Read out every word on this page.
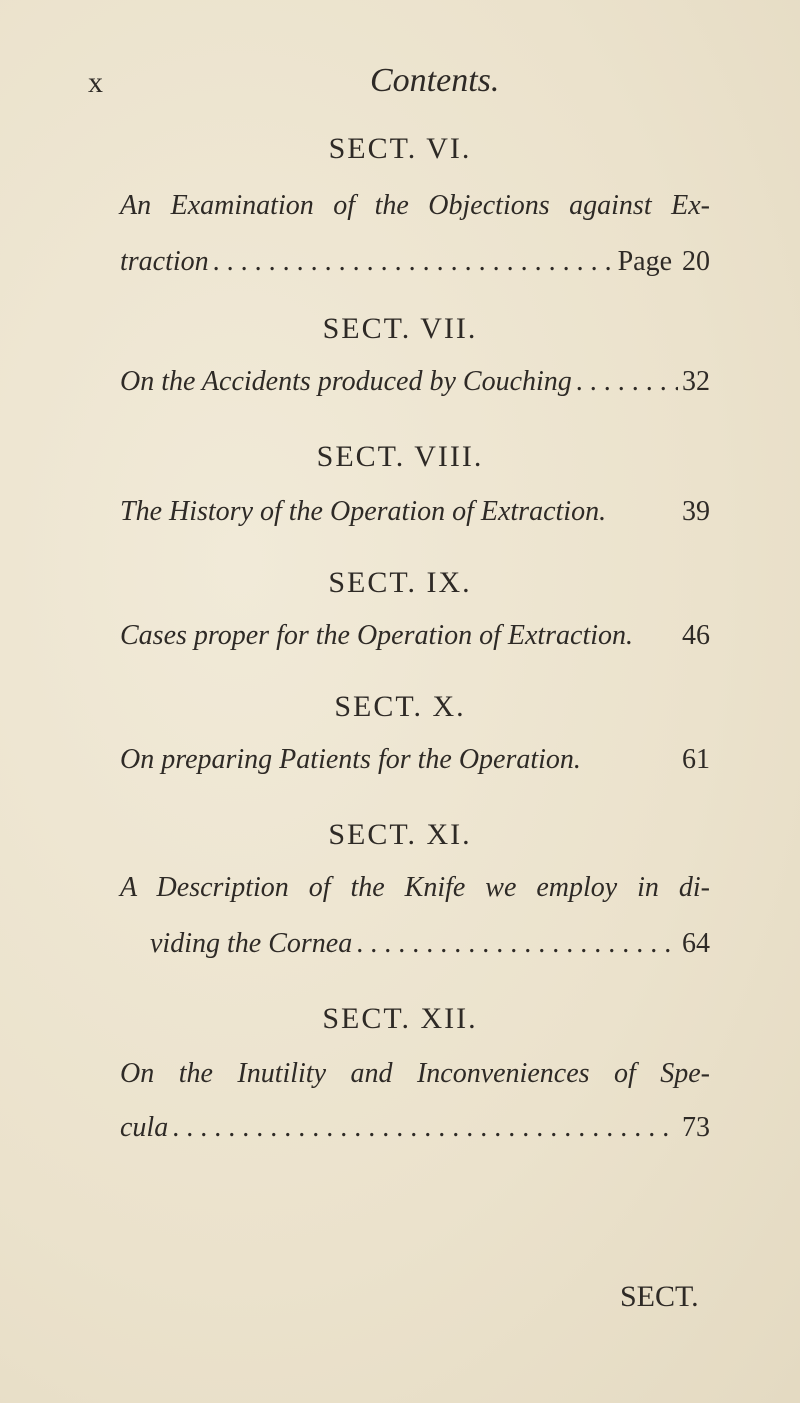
x	Contents.
SECT. VI.
An Examination of the Objections against Ex-
traction . . .	Page 20
SECT. VII.
On the Accidents produced by Couching . . .	32
SECT. VIII.
The History of the Operation of Extraction.	39
SECT. IX.
Cases proper for the Operation of Extraction. 46
SECT. X.
On preparing Patients for the Operation.	61
SECT. XI.
A Description of the Knife we employ in di-
viding the Cornea . . .	64
SECT. XII.
On the Inutility and Inconveniences of Spe-
cula . . .	73
SECT.
